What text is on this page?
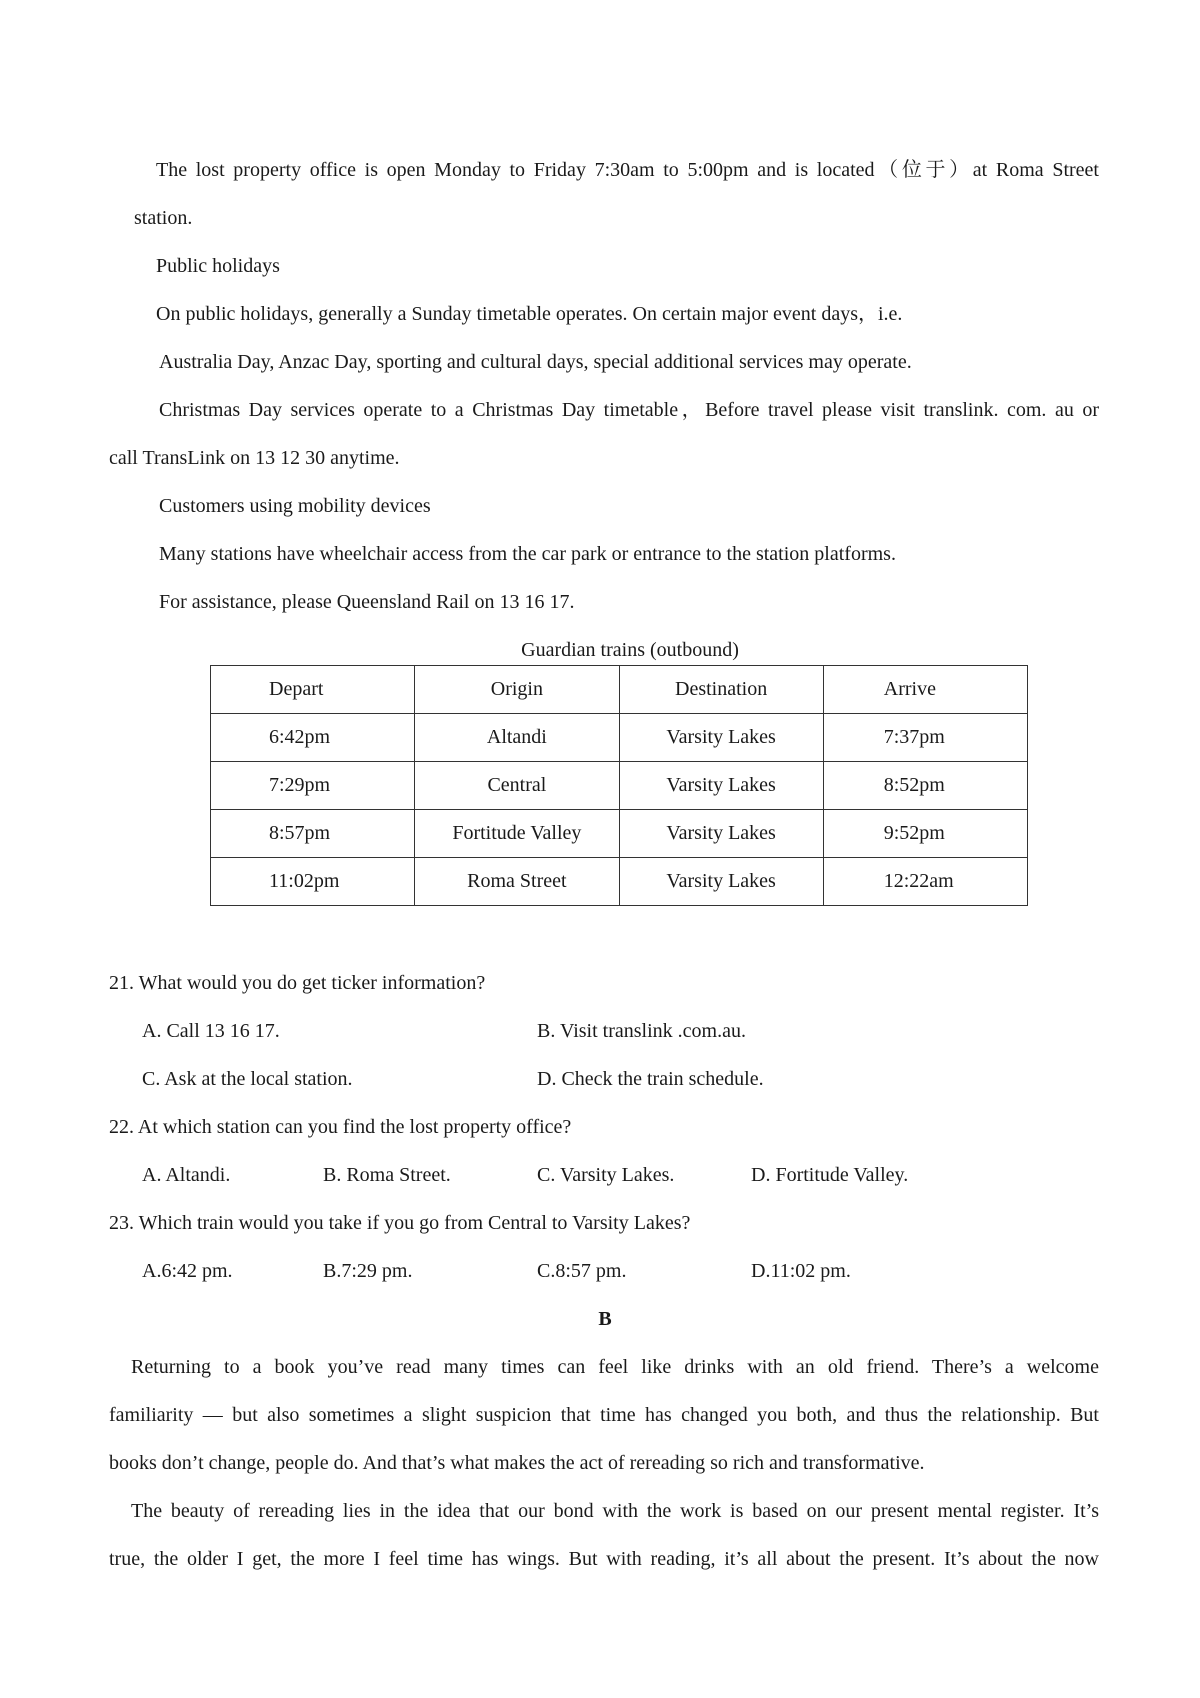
The lost property office is open Monday to Friday 7:30am to 5:00pm and is located（位于）at Roma Street
station.
Public holidays
On public holidays, generally a Sunday timetable operates. On certain major event days，i.e.
Australia Day, Anzac Day, sporting and cultural days, special additional services may operate.
Christmas Day services operate to a Christmas Day timetable，Before travel please visit translink. com. au or
call TransLink on 13 12 30 anytime.
Customers using mobility devices
Many stations have wheelchair access from the car park or entrance to the station platforms.
For assistance, please Queensland Rail on 13 16 17.
Guardian trains (outbound)
Depart	Origin	Destination	Arrive
6:42pm	Altandi	Varsity Lakes	7:37pm
7:29pm	Central	Varsity Lakes	8:52pm
8:57pm	Fortitude Valley	Varsity Lakes	9:52pm
11:02pm	Roma Street	Varsity Lakes	12:22am
21. What would you do get ticker information?
A. Call 13 16 17.	B. Visit translink .com.au.
C. Ask at the local station.	D. Check the train schedule.
22. At which station can you find the lost property office?
A. Altandi.	B. Roma Street.	C. Varsity Lakes.	D. Fortitude Valley.
23. Which train would you take if you go from Central to Varsity Lakes?
A.6:42 pm.	B.7:29 pm.	C.8:57 pm.	D.11:02 pm.
B
Returning to a book you’ve read many times can feel like drinks with an old friend. There’s a welcome
familiarity — but also sometimes a slight suspicion that time has changed you both, and thus the relationship. But
books don’t change, people do. And that’s what makes the act of rereading so rich and transformative.
The beauty of rereading lies in the idea that our bond with the work is based on our present mental register. It’s
true, the older I get, the more I feel time has wings. But with reading, it’s all about the present. It’s about the now
